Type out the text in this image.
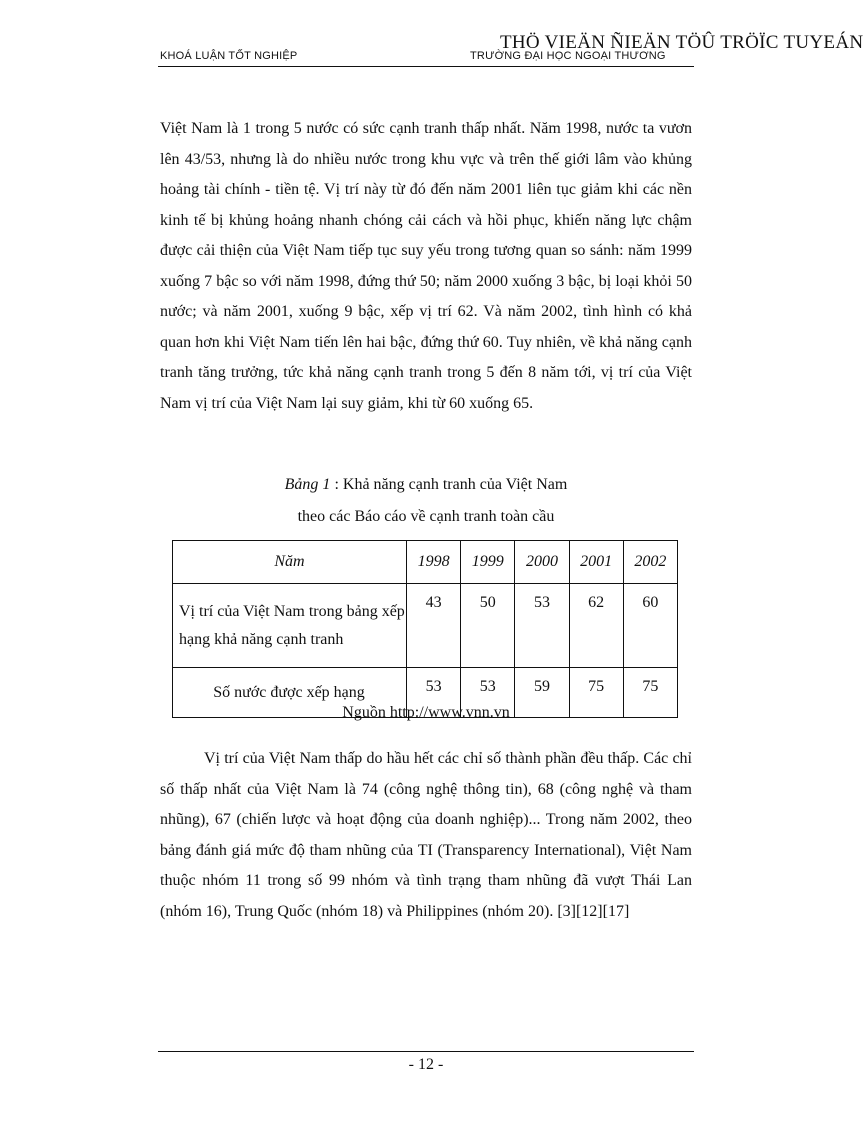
KHOÁ LUẬN TỐT NGHIỆP	TRƯỜNG ĐẠI HỌC NGOẠI THƯƠNG
THÖ VIEÄN ÑIEÄN TÖÛ TRÖÏC TUYEÁN

Việt Nam là 1 trong 5 nước có sức cạnh tranh thấp nhất. Năm 1998, nước ta vươn lên 43/53, nhưng là do nhiều nước trong khu vực và trên thế giới lâm vào khủng hoảng tài chính - tiền tệ. Vị trí này từ đó đến năm 2001 liên tục giảm khi các nền kinh tế bị khủng hoảng nhanh chóng cải cách và hồi phục, khiến năng lực chậm được cải thiện của Việt Nam tiếp tục suy yếu trong tương quan so sánh: năm 1999 xuống 7 bậc so với năm 1998, đứng thứ 50; năm 2000 xuống 3 bậc, bị loại khỏi 50 nước; và năm 2001, xuống 9 bậc, xếp vị trí 62. Và năm 2002, tình hình có khả quan hơn khi Việt Nam tiến lên hai bậc, đứng thứ 60. Tuy nhiên, về khả năng cạnh tranh tăng trưởng, tức khả năng cạnh tranh trong 5 đến 8 năm tới, vị trí của Việt Nam vị trí của Việt Nam lại suy giảm, khi từ 60 xuống 65.

Bảng 1 : Khả năng cạnh tranh của Việt Nam

theo các Báo cáo về cạnh tranh toàn cầu

Năm	1998	1999	2000	2001	2002
Vị trí của Việt Nam trong bảng xếp hạng khả năng cạnh tranh	43	50	53	62	60
Số nước được xếp hạng	53	53	59	75	75

Nguồn http://www.vnn.vn

Vị trí của Việt Nam thấp do hầu hết các chỉ số thành phần đều thấp. Các chỉ số thấp nhất của Việt Nam là 74 (công nghệ thông tin), 68 (công nghệ và tham nhũng), 67 (chiến lược và hoạt động của doanh nghiệp)... Trong năm 2002, theo bảng đánh giá mức độ tham nhũng của TI (Transparency International), Việt Nam thuộc nhóm 11 trong số 99 nhóm và tình trạng tham nhũng đã vượt Thái Lan (nhóm 16), Trung Quốc (nhóm 18) và Philippines (nhóm 20). [3][12][17]

- 12 -
